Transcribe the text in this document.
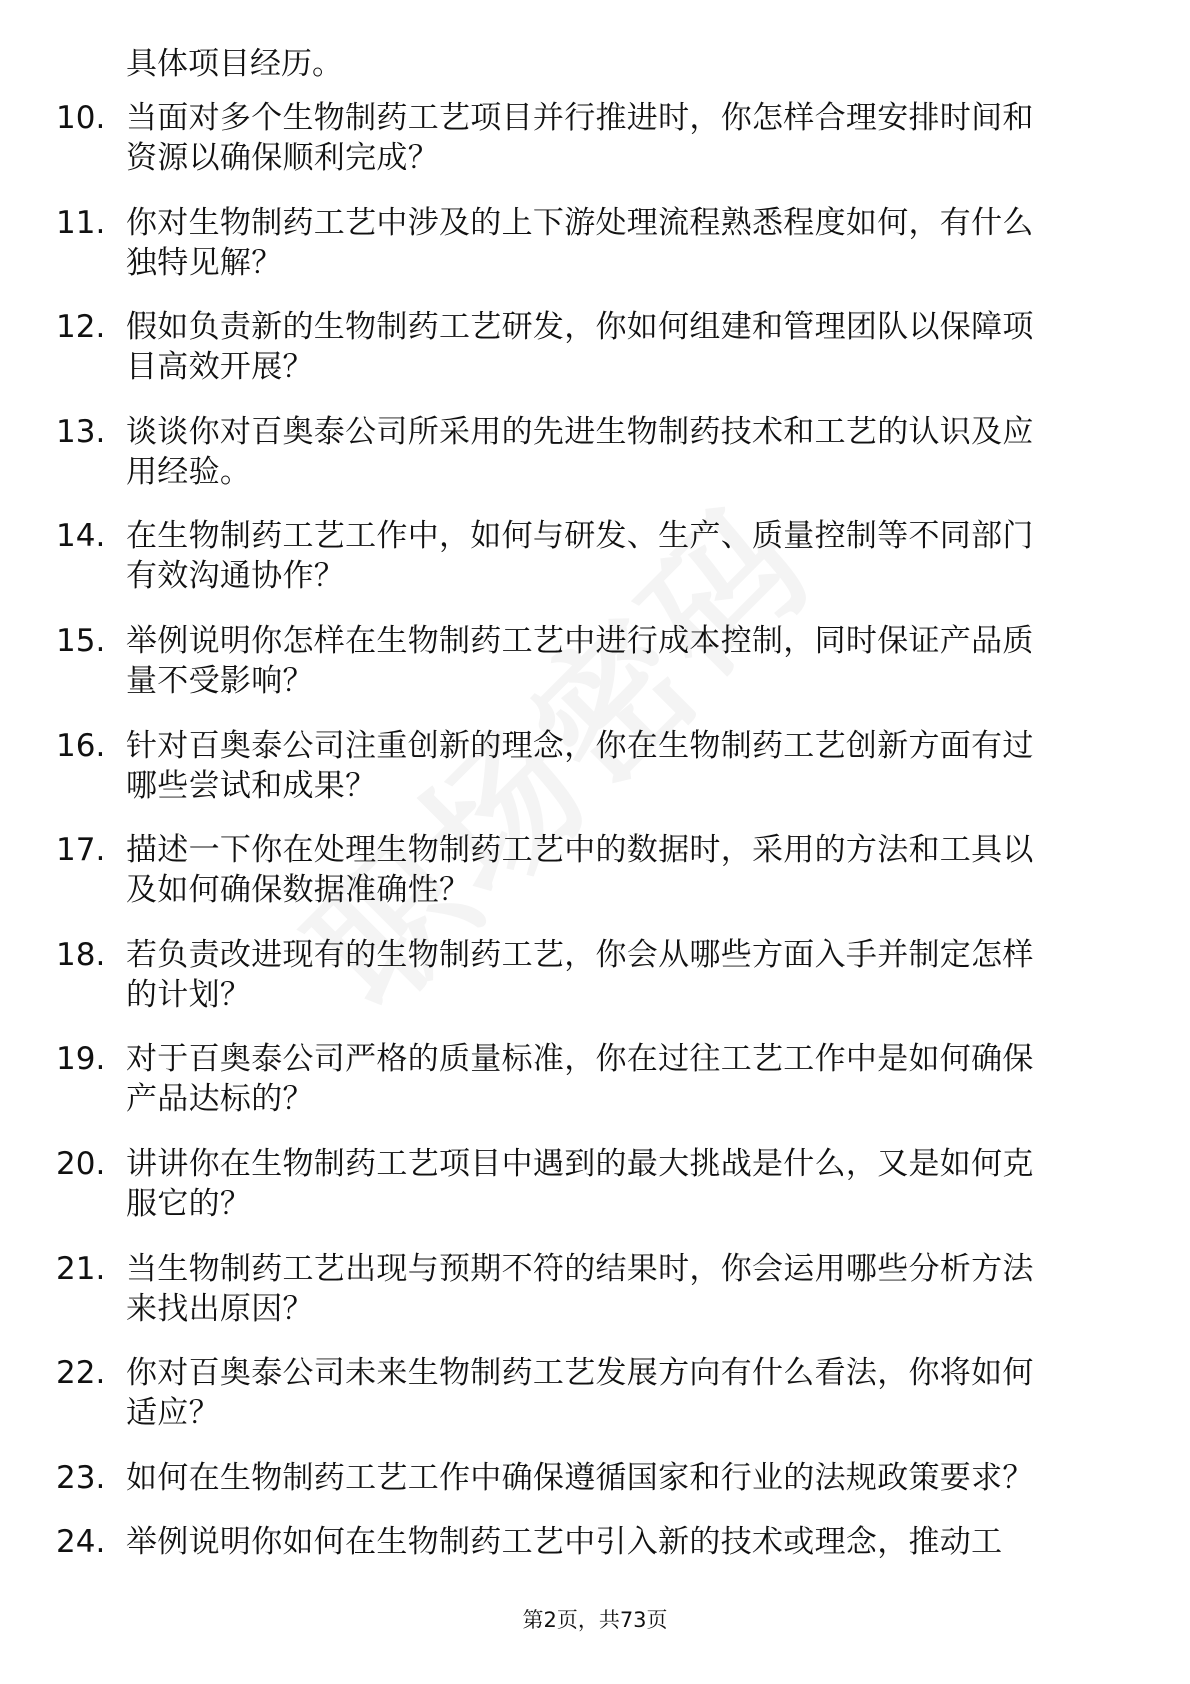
具体项目经历。
10. 当面对多个生物制药工艺项目并行推进时，你怎样合理安排时间和资源以确保顺利完成？
11. 你对生物制药工艺中涉及的上下游处理流程熟悉程度如何，有什么独特见解？
12. 假如负责新的生物制药工艺研发，你如何组建和管理团队以保障项目高效开展？
13. 谈谈你对百奥泰公司所采用的先进生物制药技术和工艺的认识及应用经验。
14. 在生物制药工艺工作中，如何与研发、生产、质量控制等不同部门有效沟通协作？
15. 举例说明你怎样在生物制药工艺中进行成本控制，同时保证产品质量不受影响？
16. 针对百奥泰公司注重创新的理念，你在生物制药工艺创新方面有过哪些尝试和成果？
17. 描述一下你在处理生物制药工艺中的数据时，采用的方法和工具以及如何确保数据准确性？
18. 若负责改进现有的生物制药工艺，你会从哪些方面入手并制定怎样的计划？
19. 对于百奥泰公司严格的质量标准，你在过往工艺工作中是如何确保产品达标的？
20. 讲讲你在生物制药工艺项目中遇到的最大挑战是什么，又是如何克服它的？
21. 当生物制药工艺出现与预期不符的结果时，你会运用哪些分析方法来找出原因？
22. 你对百奥泰公司未来生物制药工艺发展方向有什么看法，你将如何适应？
23. 如何在生物制药工艺工作中确保遵循国家和行业的法规政策要求？
24. 举例说明你如何在生物制药工艺中引入新的技术或理念，推动工
第2页，共73页
